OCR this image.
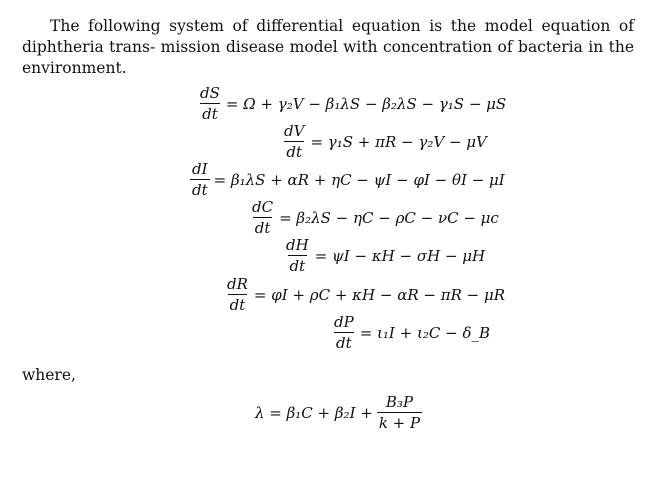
The following system of differential equation is the model equation of diphtheria trans- mission disease model with concentration of bacteria in the environment.

$\frac{dS}{dt} = \Omega + \gamma_2V - \beta_1\lambda S - \beta_2\lambda S - \gamma_1S - \mu S$
$\frac{dV}{dt} = \gamma_1S + \pi R - \gamma_2V - \mu V$
$\frac{dI}{dt} = \beta_1\lambda S + \alpha R + \eta C - \psi I - \varphi I - \theta I - \mu I$
$\frac{dC}{dt} = \beta_2\lambda S - \eta C - \rho C - \nu C - \mu c$
$\frac{dH}{dt} = \psi I - \kappa H - \sigma H - \mu H$
$\frac{dR}{dt} = \varphi I + \rho C + \kappa H - \alpha R - \pi R - \mu R$
$\frac{dP}{dt} = \iota_1I + \iota_2C$ − δ_B

where,

$\lambda = \beta_1C + \beta_2I + \frac{\text{B₃P}}{k + P}$
